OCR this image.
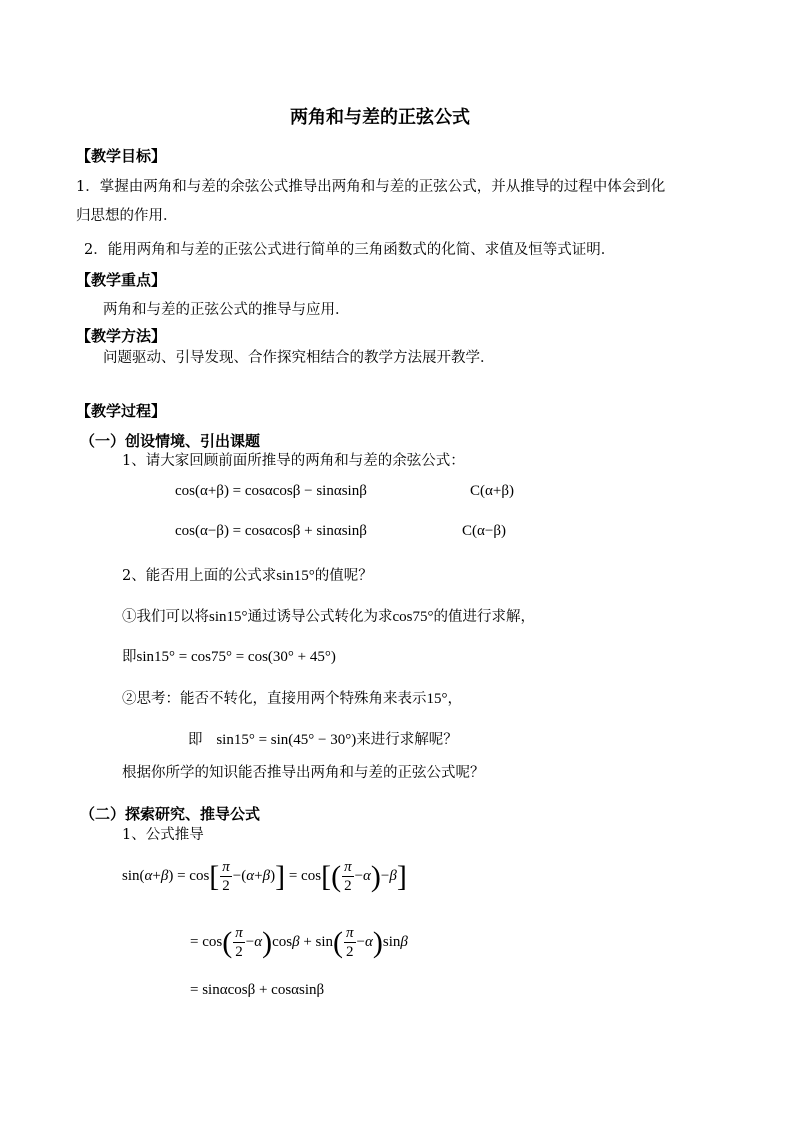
两角和与差的正弦公式
【教学目标】
1．掌握由两角和与差的余弦公式推导出两角和与差的正弦公式，并从推导的过程中体会到化
归思想的作用．
2．能用两角和与差的正弦公式进行简单的三角函数式的化简、求值及恒等式证明．
【教学重点】
两角和与差的正弦公式的推导与应用．
【教学方法】
问题驱动、引导发现、合作探究相结合的教学方法展开教学．
【教学过程】
（一）创设情境、引出课题
1、请大家回顾前面所推导的两角和与差的余弦公式：
cos(α+β) = cosαcosβ − sinαsinβ	C(α+β)
cos(α−β) = cosαcosβ + sinαsinβ	C(α−β)
2、能否用上面的公式求sin15°的值呢？
①我们可以将sin15°通过诱导公式转化为求cos75°的值进行求解，
即sin15° = cos75° = cos(30° + 45°)
②思考：能否不转化，直接用两个特殊角来表示15°，
即 sin15° = sin(45° − 30°)来进行求解呢？
根据你所学的知识能否推导出两角和与差的正弦公式呢？
（二）探索研究、推导公式
1、公式推导
$\sin(\alpha+\beta) = \cos[ \frac{\pi}{2} -(\alpha+\beta)] = \cos[( \frac{\pi}{2} -\alpha)-\beta]$
= $\cos( \frac{\pi}{2} -\alpha)\cos\beta + \sin( \frac{\pi}{2} -\alpha)\sin\beta$
= sinαcosβ + cosαsinβ
